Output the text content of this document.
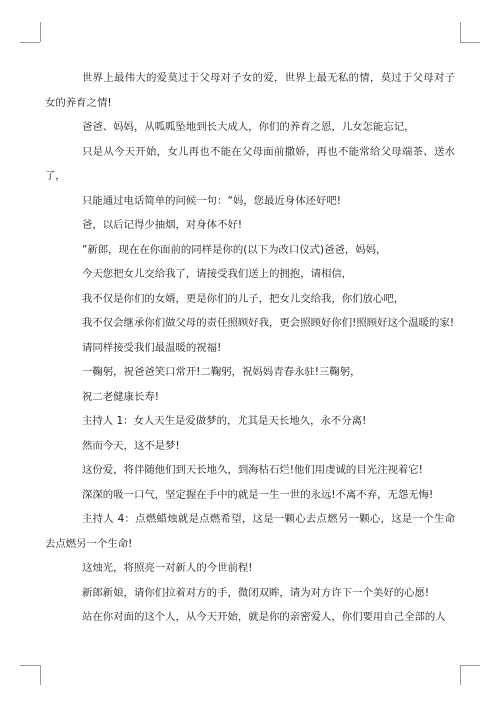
世界上最伟大的爱莫过于父母对子女的爱，世界上最无私的情，莫过于父母对子女的养育之情!

爸爸、妈妈，从呱呱坠地到长大成人，你们的养育之恩，儿女怎能忘记，

只是从今天开始，女儿再也不能在父母面前撒娇，再也不能常给父母端茶、送水了，

只能通过电话简单的问候一句：“妈，您最近身体还好吧!

爸，以后记得少抽烟，对身体不好!

”新郎，现在在你面前的同样是你的(以下为改口仪式)爸爸，妈妈，

今天您把女儿交给我了，请接受我们送上的拥抱，请相信，

我不仅是你们的女婿，更是你们的儿子，把女儿交给我，你们放心吧，

我不仅会继承你们做父母的责任照顾好我，更会照顾好你们!照顾好这个温暖的家!

请同样接受我们最温暖的祝福!

一鞠躬，祝爸爸笑口常开!二鞠躬，祝妈妈青春永驻!三鞠躬，

祝二老健康长寿!

主持人 1：女人天生是爱做梦的，尤其是天长地久，永不分离!

然而今天，这不是梦!

这份爱，将伴随他们到天长地久，到海枯石烂!他们用虔诚的目光注视着它!

深深的吸一口气，坚定握在手中的就是一生一世的永远!不离不弃，无怨无悔!

主持人 4：点燃蜡烛就是点燃希望，这是一颗心去点燃另一颗心，这是一个生命去点燃另一个生命!

这烛光，将照亮一对新人的今世前程!

新郎新娘，请你们拉着对方的手，微闭双眸，请为对方许下一个美好的心愿!

站在你对面的这个人，从今天开始，就是你的亲密爱人，你们要用自己全部的人
